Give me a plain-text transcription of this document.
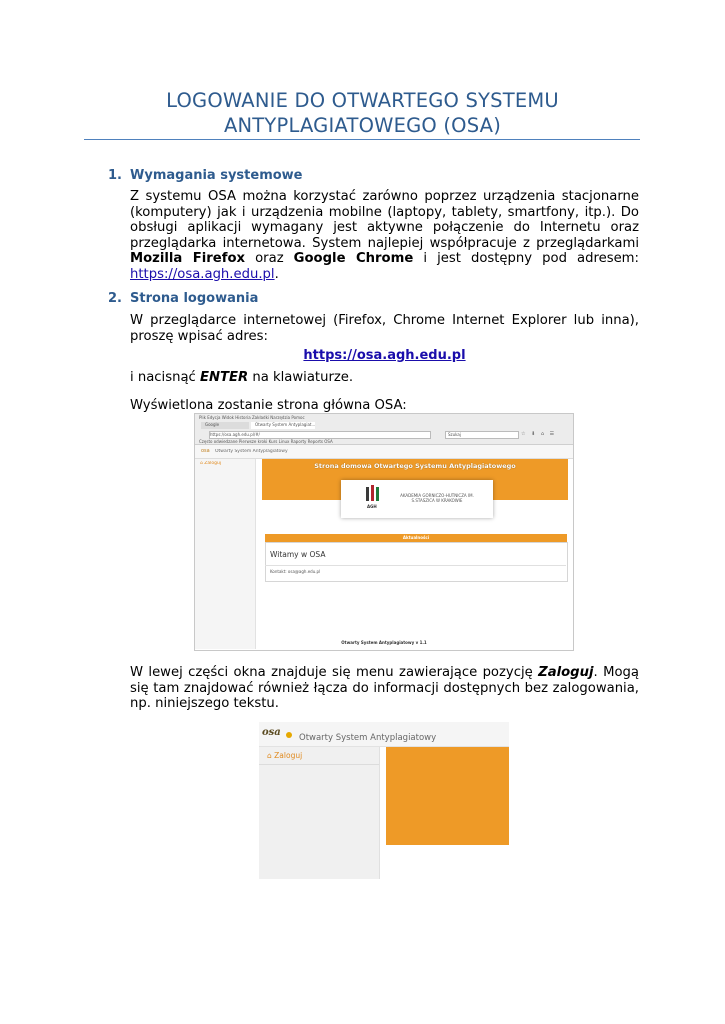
LOGOWANIE DO OTWARTEGO SYSTEMU
ANTYPLAGIATOWEGO (OSA)
1. Wymagania systemowe
Z systemu OSA można korzystać zarówno poprzez urządzenia stacjonarne (komputery) jak i urządzenia mobilne (laptopy, tablety, smartfony, itp.). Do obsługi aplikacji wymagany jest aktywne połączenie do Internetu oraz przeglądarka internetowa. System najlepiej współpracuje z przeglądarkami Mozilla Firefox oraz Google Chrome i jest dostępny pod adresem: https://osa.agh.edu.pl.
2. Strona logowania
W przeglądarce internetowej (Firefox, Chrome Internet Explorer lub inna), proszę wpisać adres:
https://osa.agh.edu.pl
i nacisnąć ENTER na klawiaturze.
Wyświetlona zostanie strona główna OSA:
Plik Edycja Widok Historia Zakładki Narzędzia Pomoc
Google	Otwarty System Antyplagiat...
https://osa.agh.edu.pl/#/	Szukaj	☆ ⬇ ⌂ ☰
Często odwiedzane Pierwsze kroki Kurs Linux Raporty Reports OSA
osa Otwarty System Antyplagiatowy
⌂ Zaloguj	Strona domowa Otwartego Systemu Antyplagiatowego
AGH
AKADEMIA GÓRNICZO-HUTNICZA IM.
S.STASZICA W KRAKOWIE
Aktualności
Witamy w OSA
Kontakt: osa@agh.edu.pl
Otwarty System Antyplagiatowy v 1.1
W lewej części okna znajduje się menu zawierające pozycję Zaloguj. Mogą się tam znajdować również łącza do informacji dostępnych bez zalogowania, np. niniejszego tekstu.
osa Otwarty System Antyplagiatowy
⌂ Zaloguj
